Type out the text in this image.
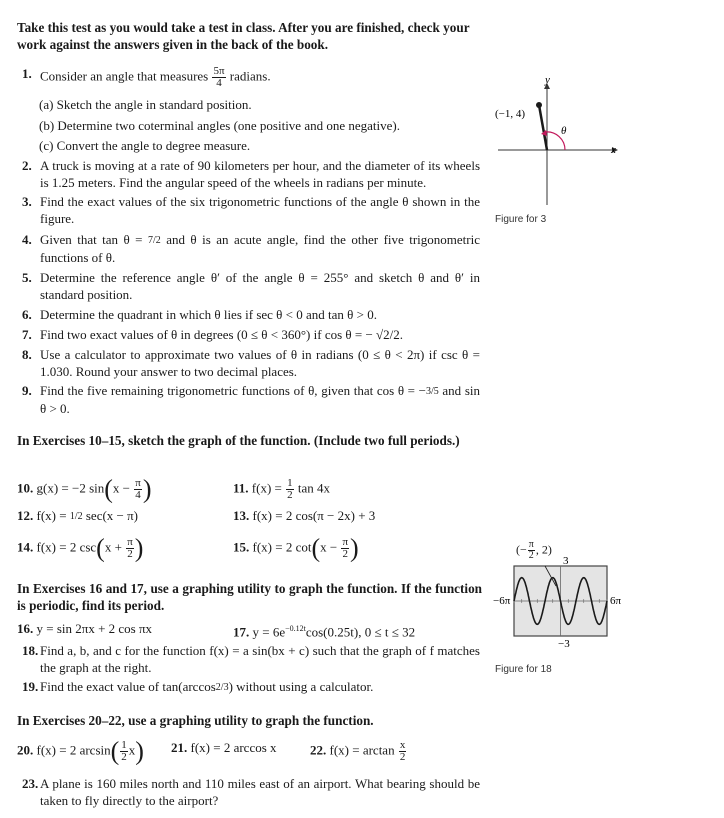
Take this test as you would take a test in class. After you are finished, check your work against the answers given in the back of the book.
1. Consider an angle that measures $\frac{5\pi}{4}$ radians.
(a) Sketch the angle in standard position.
(b) Determine two coterminal angles (one positive and one negative).
(c) Convert the angle to degree measure.
2. A truck is moving at a rate of 90 kilometers per hour, and the diameter of its wheels is 1.25 meters. Find the angular speed of the wheels in radians per minute.
3. Find the exact values of the six trigonometric functions of the angle θ shown in the figure.
4. Given that tan θ = 7/2 and θ is an acute angle, find the other five trigonometric functions of θ.
5. Determine the reference angle θ′ of the angle θ = 255° and sketch θ and θ′ in standard position.
6. Determine the quadrant in which θ lies if sec θ < 0 and tan θ > 0.
7. Find two exact values of θ in degrees (0 ≤ θ < 360°) if cos θ = − √2/2.
8. Use a calculator to approximate two values of θ in radians (0 ≤ θ < 2π) if csc θ = 1.030. Round your answer to two decimal places.
9. Find the five remaining trigonometric functions of θ, given that cos θ = −3/5 and sin θ > 0.
In Exercises 10–15, sketch the graph of the function. (Include two full periods.)
10. g(x) = −2 $\sin(x - \frac{\pi}{4}$ )	11. $f(x) = \frac{1}{2}$ tan 4x
12. f(x) = 1/2 sec(x − π)	13. f(x) = 2 cos(π − 2x) + 3
14. f(x) = 2 $\csc(x + \frac{\pi}{2}$ )	15. f(x) = 2 $\cot(x - \frac{\pi}{2}$ )
In Exercises 16 and 17, use a graphing utility to graph the function. If the function is periodic, find its period.
16. y = sin 2πx + 2 cos πx	17. $y = 6e^{-0.12t}\cos(0.25t)$, 0 ≤ t ≤ 32
18. Find a, b, and c for the function f(x) = a sin(bx + c) such that the graph of f matches the graph at the right.
19. Find the exact value of tan(arccos2/3) without using a calculator.
In Exercises 20–22, use a graphing utility to graph the function.
20. f(x) = 2 $\arcsin( \frac{1}{2} x)$ 21. f(x) = 2 arccos x	22. $f(x) = \arctan \frac{x}{2}$
23. A plane is 160 miles north and 110 miles east of an airport. What bearing should be taken to fly directly to the airport?
(−1, 4)
θ
x
y
Figure for 3
(− $\frac{\pi}{2}$ , 2)
3
−3
−6π	6π
Figure for 18
